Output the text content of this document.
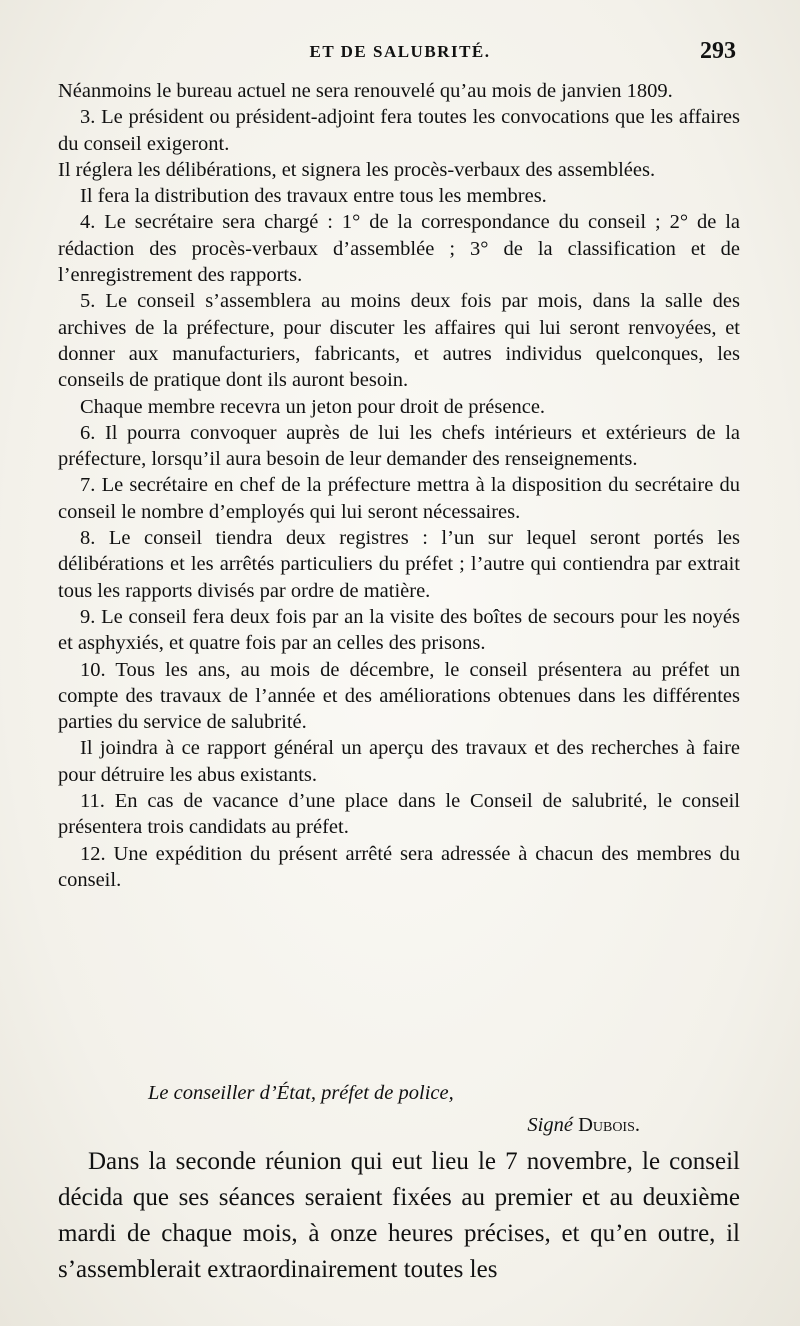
ET DE SALUBRITÉ.	293

Néanmoins le bureau actuel ne sera renouvelé qu’au mois de janvien 1809.

3. Le président ou président-adjoint fera toutes les convocations que les affaires du conseil exigeront.

Il réglera les délibérations, et signera les procès-verbaux des assemblées.

Il fera la distribution des travaux entre tous les membres.

4. Le secrétaire sera chargé : 1° de la correspondance du conseil ; 2° de la rédaction des procès-verbaux d’assemblée ; 3° de la classification et de l’enregistrement des rapports.

5. Le conseil s’assemblera au moins deux fois par mois, dans la salle des archives de la préfecture, pour discuter les affaires qui lui seront renvoyées, et donner aux manufacturiers, fabricants, et autres individus quelconques, les conseils de pratique dont ils auront besoin.

Chaque membre recevra un jeton pour droit de présence.

6. Il pourra convoquer auprès de lui les chefs intérieurs et extérieurs de la préfecture, lorsqu’il aura besoin de leur demander des renseignements.

7. Le secrétaire en chef de la préfecture mettra à la disposition du secrétaire du conseil le nombre d’employés qui lui seront nécessaires.

8. Le conseil tiendra deux registres : l’un sur lequel seront portés les délibérations et les arrêtés particuliers du préfet ; l’autre qui contiendra par extrait tous les rapports divisés par ordre de matière.

9. Le conseil fera deux fois par an la visite des boîtes de secours pour les noyés et asphyxiés, et quatre fois par an celles des prisons.

10. Tous les ans, au mois de décembre, le conseil présentera au préfet un compte des travaux de l’année et des améliorations obtenues dans les différentes parties du service de salubrité.

Il joindra à ce rapport général un aperçu des travaux et des recherches à faire pour détruire les abus existants.

11. En cas de vacance d’une place dans le Conseil de salubrité, le conseil présentera trois candidats au préfet.

12. Une expédition du présent arrêté sera adressée à chacun des membres du conseil.

Le conseiller d’État, préfet de police,
Signé Dubois.

Dans la seconde réunion qui eut lieu le 7 novembre, le conseil décida que ses séances seraient fixées au premier et au deuxième mardi de chaque mois, à onze heures précises, et qu’en outre, il s’assemblerait extraordinairement toutes les
